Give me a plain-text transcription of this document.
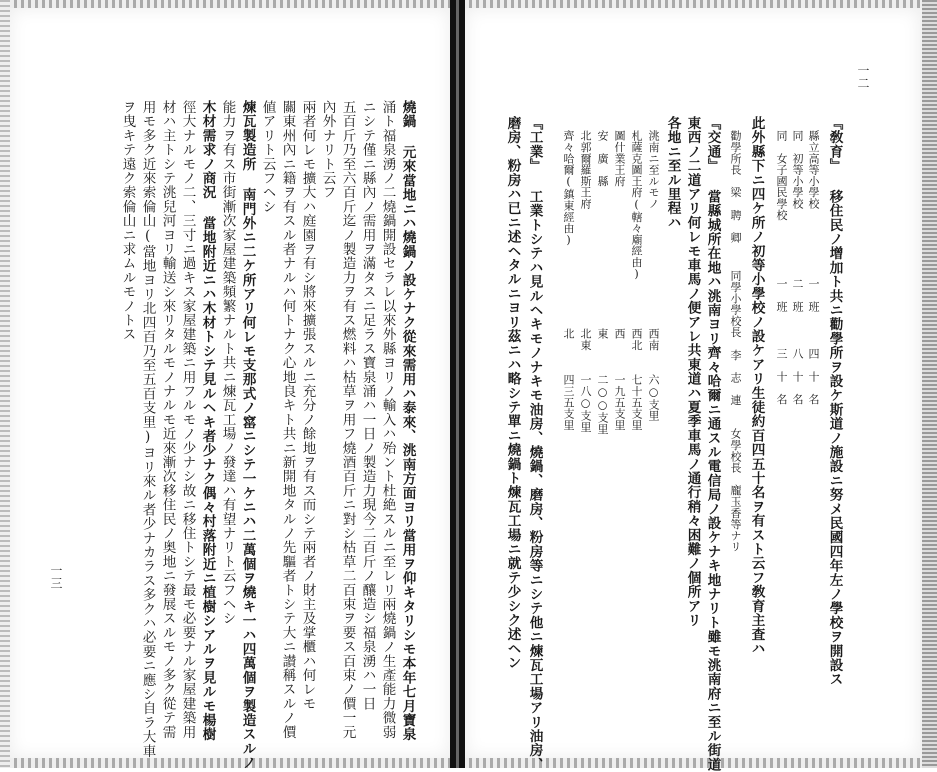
一三	燒鍋 元來當地ニハ燒鍋ノ設ケナク從來需用ハ泰來、洮南方面ヨリ當用ヲ仰キタリシモ本年七月寶泉
涌ト福泉湧ノ二燒鍋開設セラレ以來外縣ヨリノ輸入ハ殆ント杜絶スルニ至レリ兩燒鍋ノ生產能力微弱
ニシテ僅ニ縣內ノ需用ヲ滿タスニ足ラス寶泉涌ハ一日ノ製造力現今二百斤ノ釀造シ福泉湧ハ一日
五百斤乃至六百斤迄ノ製造力ヲ有ス燃料ハ枯草ヲ用フ燒酒百斤ニ對シ枯草二百束ヲ要ス百束ノ價一元
內外ナリト云フ
兩者何レモ擴大ハ庭園ヲ有シ將來擴張スルニ充分ノ餘地ヲ有ス而シテ兩者ノ財主及掌櫃ハ何レモ
關東州內ニ籍ヲ有スル者ナルハ何トナク心地良キト共ニ新開地タルノ先驅者トシテ大ニ讃稱スルノ價
値アリト云フヘシ
煉瓦製造所 南門外ニ二ケ所アリ何レモ支那式ノ窰ニシテ一ケニハ二萬個ヲ燒キ一ハ四萬個ヲ製造スルノ
能力ヲ有ス市街漸次家屋建築頻繁ナルト共ニ煉瓦工場ノ發達ハ有望ナリト云フヘシ
木材需求ノ商況 當地附近ニハ木材トシテ見ルヘキ者少ナク偶々村落附近ニ植樹シアルヲ見ルモ楊樹
徑大ナルモノ二、三寸ニ過キス家屋建築ニ用フルモノ少ナシ故ニ移住トシテ最モ必要ナル家屋建築用
材ハ主トシテ洮兒河ヨリ輸送シ來リタルモノナルモ近來漸次移住民ノ奥地ニ發展スルモノ多ク從テ需
用モ多ク近來索倫山(當地ヨリ北四百乃至五百支里)ヨリ來ル者少ナカラス多クハ必要ニ應シ自ラ大車
ヲ曳キテ遠ク索倫山ニ求ムルモノトス
一二
『敎育』 移住民ノ增加ト共ニ勸學所ヲ設ケ斯道ノ施設ニ努メ民國四年左ノ學校ヲ開設ス
縣立高等小學校
一　班
四　十　名
同　初等小學校
二　班
八　十　名
同　女子國民學校
一　班
三　十　名
此外縣下ニ四ケ所ノ初等小學校ノ設ケアリ生徒約百四五十名ヲ有スト云フ敎育主査ハ
勸學所長　梁　聘　卿
同學小學校長　李　志　連
女學校長　龐玉香等ナリ
『交通』 當縣城所在地ハ洮南ヨリ齊々哈爾ニ通スル電信局ノ設ケナキ地ナリト雖モ洮南府ニ至ル街道
東西ノ二道アリ何レモ車馬ノ便アレ共東道ハ夏季車馬ノ通行稍々困難ノ個所アリ
各地ニ至ル里程ハ
洮南ニ至ルモノ
西南
六○支里
札薩克圖王府(轄々廟經由)
西北
七十五支里
圖什業王府
西
一九五支里
安　廣　縣
東
二○○支里
北郭爾羅斯王府
北東
一八○支里
齊々哈爾(鎮東經由)
北
四三五支里
『工業』 工業トシテハ見ルヘキモノナキモ油房、燒鍋、磨房、粉房等ニシテ他ニ煉瓦工場アリ油房、
磨房、粉房ハ已ニ述ヘタルニヨリ茲ニハ略シテ單ニ燒鍋ト煉瓦工場ニ就テ少シク述ヘン
